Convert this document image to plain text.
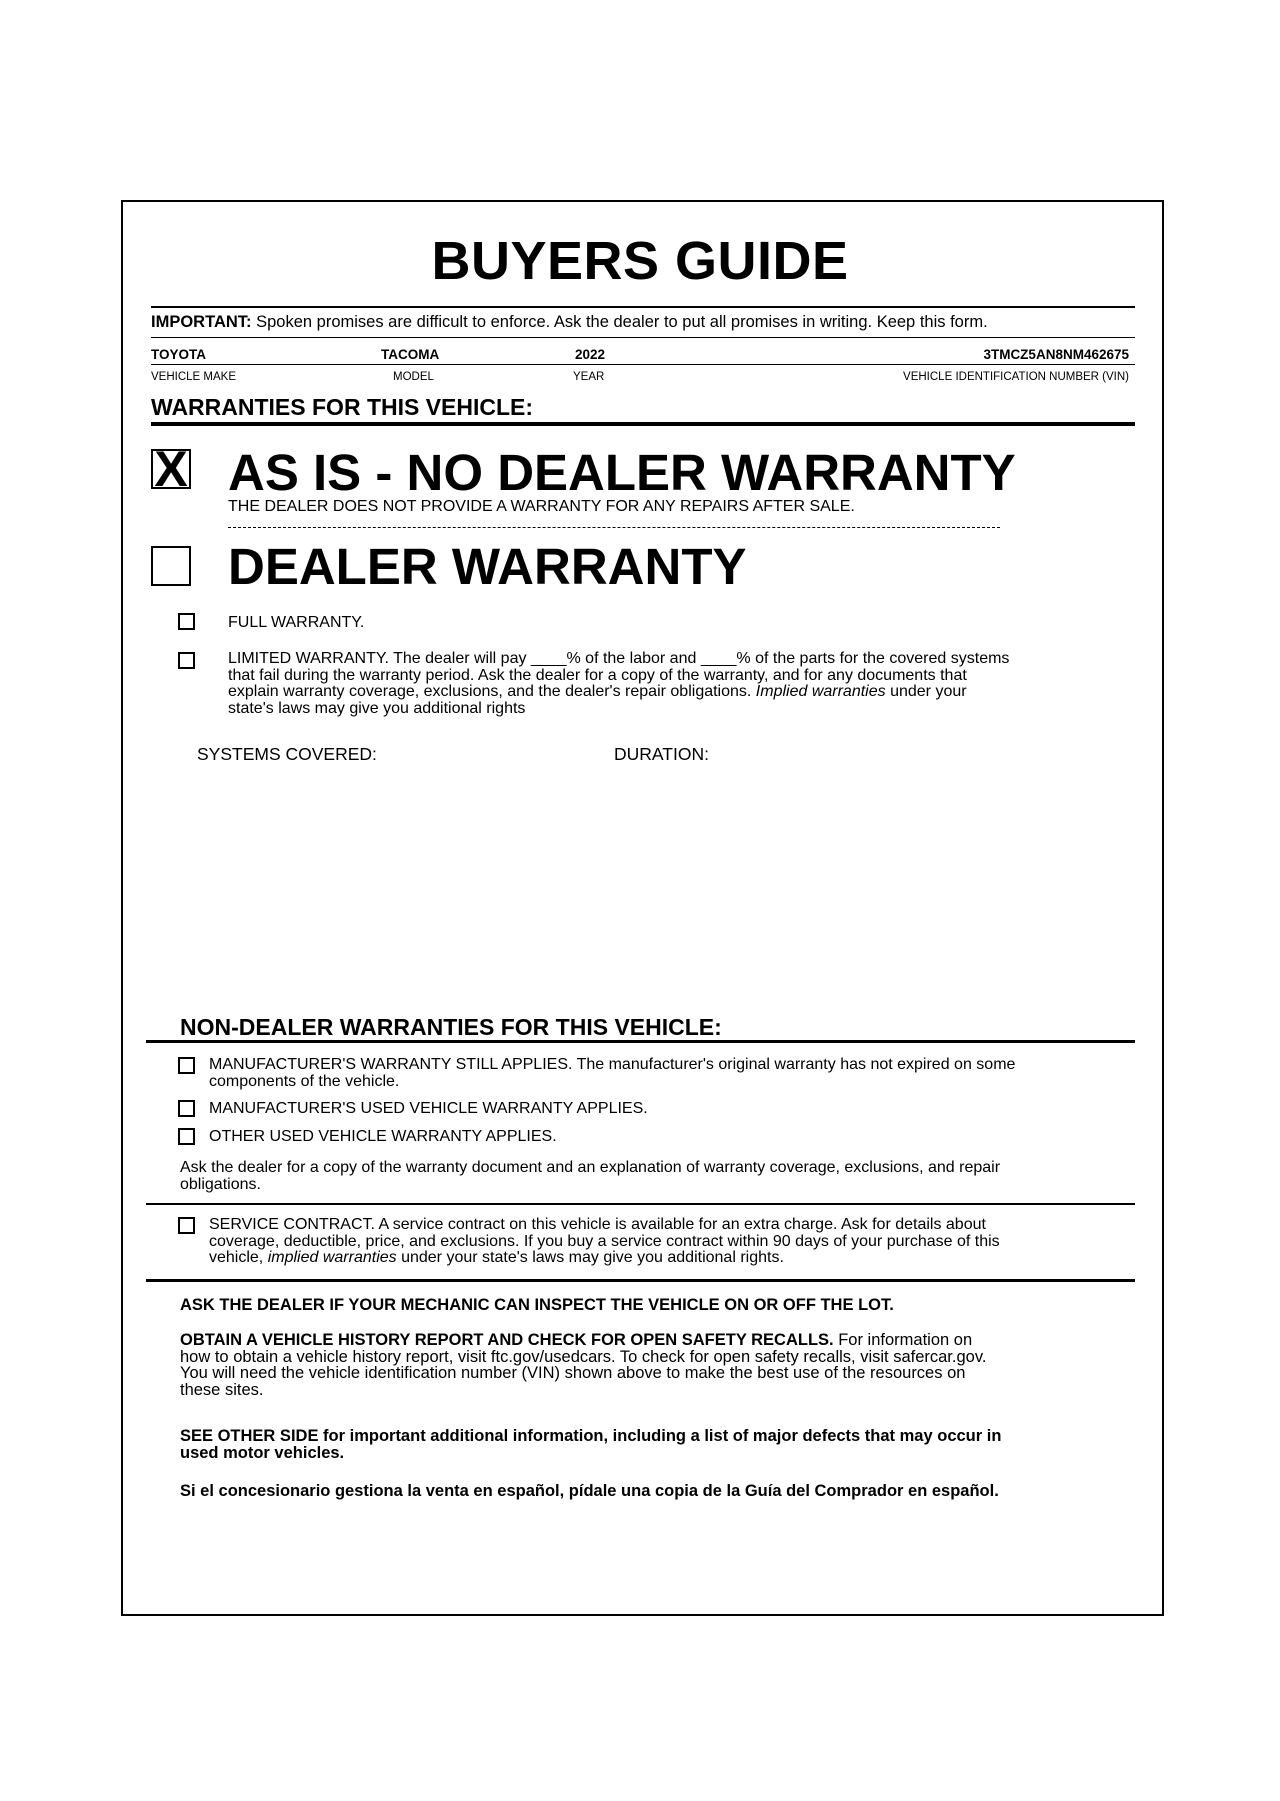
BUYERS GUIDE
IMPORTANT: Spoken promises are difficult to enforce. Ask the dealer to put all promises in writing. Keep this form.
TOYOTA	TACOMA	2022	3TMCZ5AN8NM462675
VEHICLE MAKE	MODEL	YEAR	VEHICLE IDENTIFICATION NUMBER (VIN)
WARRANTIES FOR THIS VEHICLE:
X AS IS - NO DEALER WARRANTY
THE DEALER DOES NOT PROVIDE A WARRANTY FOR ANY REPAIRS AFTER SALE.
DEALER WARRANTY
FULL WARRANTY.
LIMITED WARRANTY. The dealer will pay ____% of the labor and ____% of the parts for the covered systems
that fail during the warranty period. Ask the dealer for a copy of the warranty, and for any documents that
explain warranty coverage, exclusions, and the dealer's repair obligations. Implied warranties under your
state's laws may give you additional rights
SYSTEMS COVERED:	DURATION:
NON-DEALER WARRANTIES FOR THIS VEHICLE:
MANUFACTURER'S WARRANTY STILL APPLIES. The manufacturer's original warranty has not expired on some
components of the vehicle.
MANUFACTURER'S USED VEHICLE WARRANTY APPLIES.
OTHER USED VEHICLE WARRANTY APPLIES.
Ask the dealer for a copy of the warranty document and an explanation of warranty coverage, exclusions, and repair
obligations.
SERVICE CONTRACT. A service contract on this vehicle is available for an extra charge. Ask for details about
coverage, deductible, price, and exclusions. If you buy a service contract within 90 days of your purchase of this
vehicle, implied warranties under your state's laws may give you additional rights.
ASK THE DEALER IF YOUR MECHANIC CAN INSPECT THE VEHICLE ON OR OFF THE LOT.
OBTAIN A VEHICLE HISTORY REPORT AND CHECK FOR OPEN SAFETY RECALLS. For information on
how to obtain a vehicle history report, visit ftc.gov/usedcars. To check for open safety recalls, visit safercar.gov.
You will need the vehicle identification number (VIN) shown above to make the best use of the resources on
these sites.
SEE OTHER SIDE for important additional information, including a list of major defects that may occur in
used motor vehicles.
Si el concesionario gestiona la venta en español, pídale una copia de la Guía del Comprador en español.
